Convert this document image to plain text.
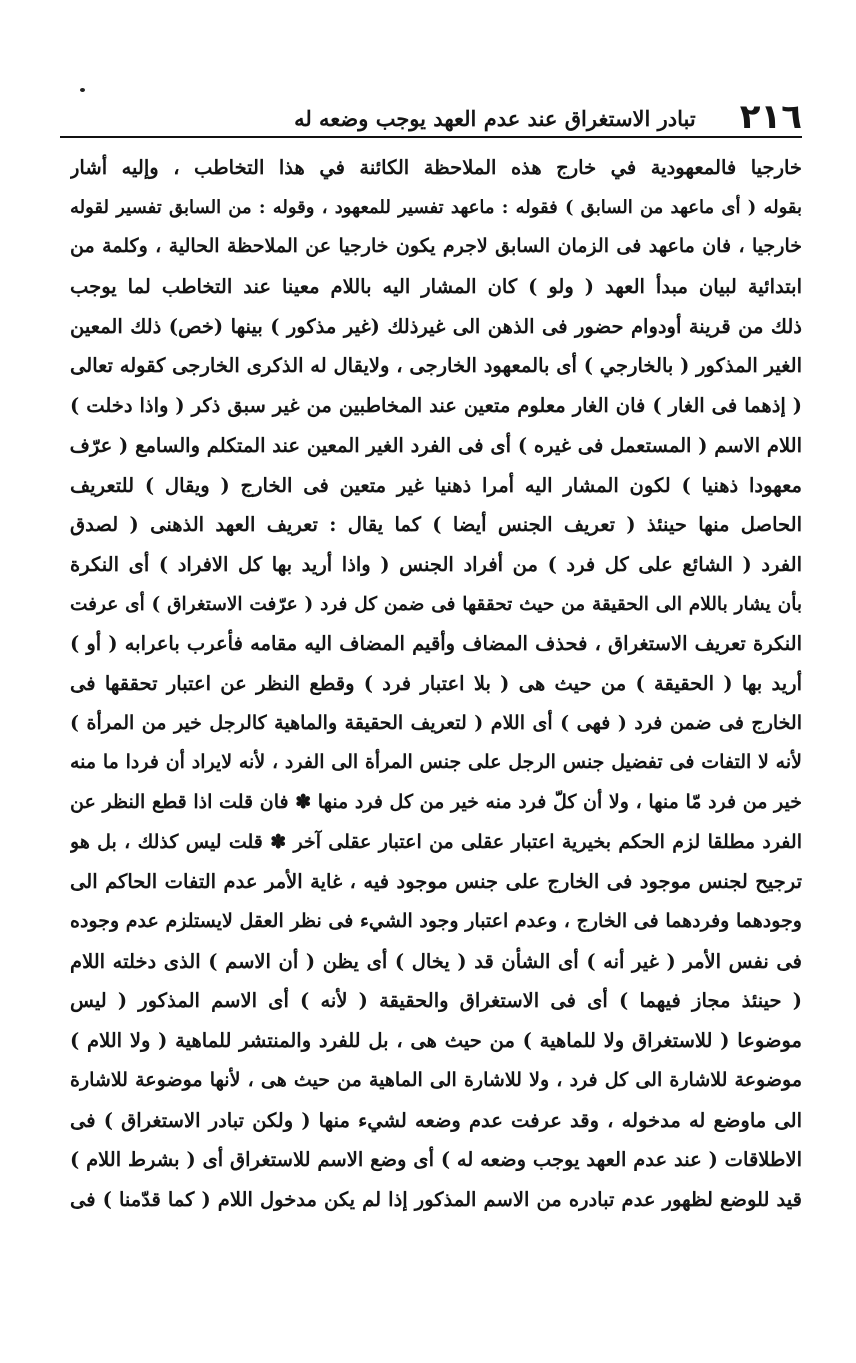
٢١٦
تبادر الاستغراق عند عدم العهد يوجب وضعه له
خارجيا فالمعهودية في خارج هذه الملاحظة الكائنة في هذا التخاطب ، وإليه أشار
بقوله ( أى ماعهد من السابق ) فقوله : ماعهد تفسير للمعهود ، وقوله : من السابق تفسير لقوله
خارجيا ، فان ماعهد فى الزمان السابق لاجرم يكون خارجيا عن الملاحظة الحالية ، وكلمة من
ابتدائية لبيان مبدأ العهد ( ولو ) كان المشار اليه باللام معينا عند التخاطب لما يوجب
ذلك من قرينة أودوام حضور فى الذهن الى غيرذلك (غير مذكور ) بينها (خص) ذلك المعين
الغير المذكور ( بالخارجي ) أى بالمعهود الخارجى ، ولايقال له الذكرى الخارجى كقوله تعالى
( إذهما فى الغار ) فان الغار معلوم متعين عند المخاطبين من غير سبق ذكر ( واذا دخلت )
اللام الاسم ( المستعمل فى غيره ) أى فى الفرد الغير المعين عند المتكلم والسامع ( عرّف
معهودا ذهنيا ) لكون المشار اليه أمرا ذهنيا غير متعين فى الخارج ( ويقال ) للتعريف
الحاصل منها حينئذ ( تعريف الجنس أيضا ) كما يقال : تعريف العهد الذهنى ( لصدق
الفرد ( الشائع على كل فرد ) من أفراد الجنس ( واذا أريد بها كل الافراد ) أى النكرة
بأن يشار باللام الى الحقيقة من حيث تحققها فى ضمن كل فرد ( عرّفت الاستغراق ) أى عرفت
النكرة تعريف الاستغراق ، فحذف المضاف وأقيم المضاف اليه مقامه فأعرب باعرابه ( أو )
أريد بها ( الحقيقة ) من حيث هى ( بلا اعتبار فرد ) وقطع النظر عن اعتبار تحققها فى
الخارج فى ضمن فرد ( فهى ) أى اللام ( لتعريف الحقيقة والماهية كالرجل خير من المرأة )
لأنه لا التفات فى تفضيل جنس الرجل على جنس المرأة الى الفرد ، لأنه لايراد أن فردا ما منه
خير من فرد مّا منها ، ولا أن كلّ فرد منه خير من كل فرد منها ✽ فان قلت اذا قطع النظر عن
الفرد مطلقا لزم الحكم بخيرية اعتبار عقلى من اعتبار عقلى آخر ✽ قلت ليس كذلك ، بل هو
ترجيح لجنس موجود فى الخارج على جنس موجود فيه ، غاية الأمر عدم التفات الحاكم الى
وجودهما وفردهما فى الخارج ، وعدم اعتبار وجود الشيء فى نظر العقل لايستلزم عدم وجوده
فى نفس الأمر ( غير أنه ) أى الشأن قد ( يخال ) أى يظن ( أن الاسم ) الذى دخلته اللام
( حينئذ مجاز فيهما ) أى فى الاستغراق والحقيقة ( لأنه ) أى الاسم المذكور ( ليس
موضوعا ( للاستغراق ولا للماهية ) من حيث هى ، بل للفرد والمنتشر للماهية ( ولا اللام )
موضوعة للاشارة الى كل فرد ، ولا للاشارة الى الماهية من حيث هى ، لأنها موضوعة للاشارة
الى ماوضع له مدخوله ، وقد عرفت عدم وضعه لشيء منها ( ولكن تبادر الاستغراق ) فى
الاطلاقات ( عند عدم العهد يوجب وضعه له ) أى وضع الاسم للاستغراق أى ( بشرط اللام )
قيد للوضع لظهور عدم تبادره من الاسم المذكور إذا لم يكن مدخول اللام ( كما قدّمنا ) فى
